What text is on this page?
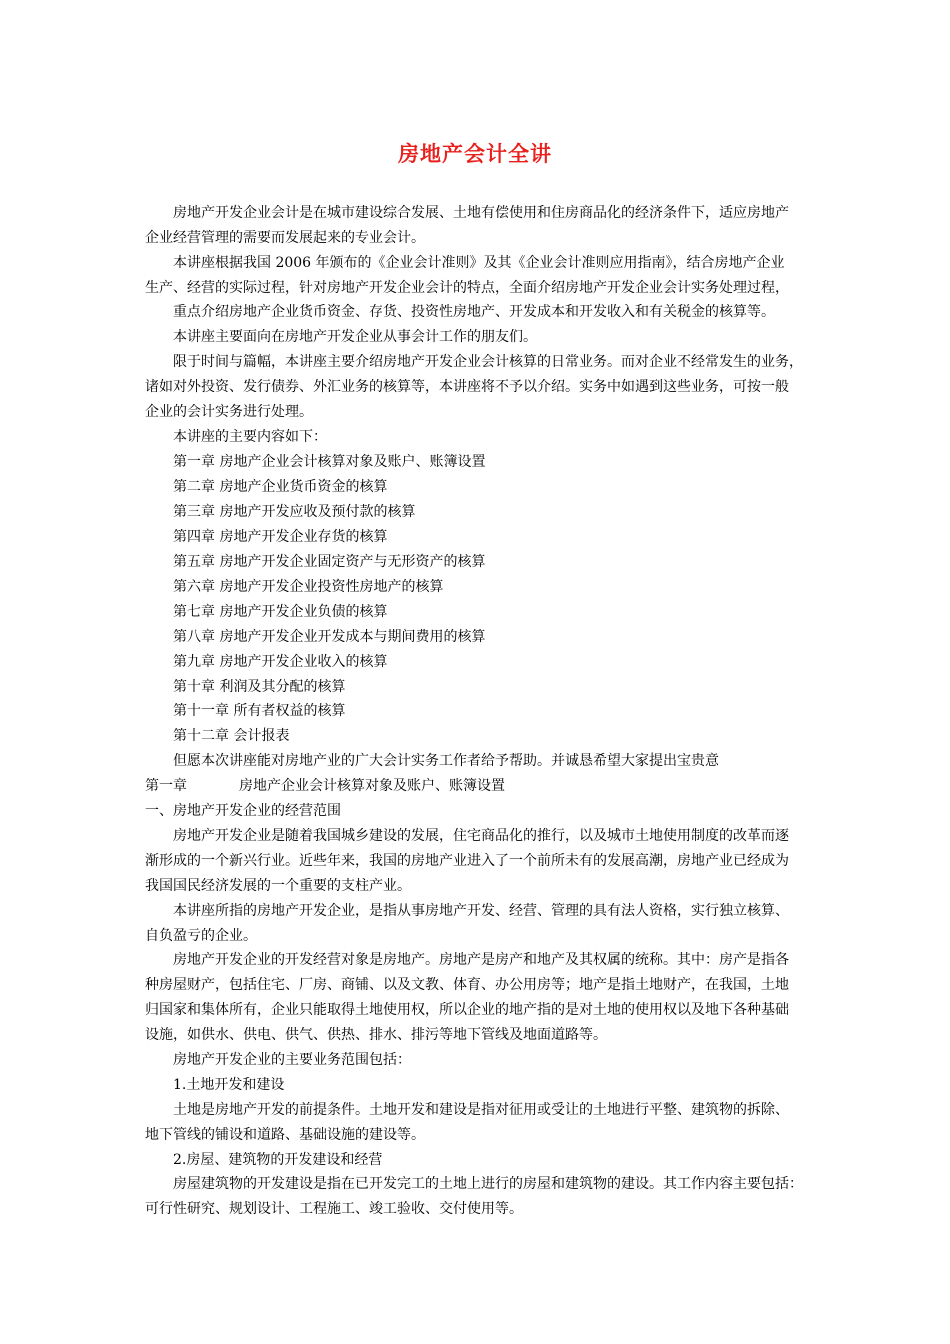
房地产会计全讲
房地产开发企业会计是在城市建设综合发展、土地有偿使用和住房商品化的经济条件下，适应房地产
企业经营管理的需要而发展起来的专业会计。
本讲座根据我国 2006 年颁布的《企业会计准则》及其《企业会计准则应用指南》，结合房地产企业
生产、经营的实际过程，针对房地产开发企业会计的特点，全面介绍房地产开发企业会计实务处理过程，
重点介绍房地产企业货币资金、存货、投资性房地产、开发成本和开发收入和有关税金的核算等。
本讲座主要面向在房地产开发企业从事会计工作的朋友们。
限于时间与篇幅，本讲座主要介绍房地产开发企业会计核算的日常业务。而对企业不经常发生的业务，
诸如对外投资、发行债券、外汇业务的核算等，本讲座将不予以介绍。实务中如遇到这些业务，可按一般
企业的会计实务进行处理。
本讲座的主要内容如下：
第一章 房地产企业会计核算对象及账户、账簿设置
第二章 房地产企业货币资金的核算
第三章 房地产开发应收及预付款的核算
第四章 房地产开发企业存货的核算
第五章 房地产开发企业固定资产与无形资产的核算
第六章 房地产开发企业投资性房地产的核算
第七章 房地产开发企业负债的核算
第八章 房地产开发企业开发成本与期间费用的核算
第九章 房地产开发企业收入的核算
第十章 利润及其分配的核算
第十一章 所有者权益的核算
第十二章 会计报表
但愿本次讲座能对房地产业的广大会计实务工作者给予帮助。并诚恳希望大家提出宝贵意
第一章	房地产企业会计核算对象及账户、账簿设置
一、房地产开发企业的经营范围
房地产开发企业是随着我国城乡建设的发展，住宅商品化的推行，以及城市土地使用制度的改革而逐
渐形成的一个新兴行业。近些年来，我国的房地产业进入了一个前所未有的发展高潮，房地产业已经成为
我国国民经济发展的一个重要的支柱产业。
本讲座所指的房地产开发企业，是指从事房地产开发、经营、管理的具有法人资格，实行独立核算、
自负盈亏的企业。
房地产开发企业的开发经营对象是房地产。房地产是房产和地产及其权属的统称。其中：房产是指各
种房屋财产，包括住宅、厂房、商铺、以及文教、体育、办公用房等；地产是指土地财产，在我国，土地
归国家和集体所有，企业只能取得土地使用权，所以企业的地产指的是对土地的使用权以及地下各种基础
设施，如供水、供电、供气、供热、排水、排污等地下管线及地面道路等。
房地产开发企业的主要业务范围包括：
1.土地开发和建设
土地是房地产开发的前提条件。土地开发和建设是指对征用或受让的土地进行平整、建筑物的拆除、
地下管线的铺设和道路、基础设施的建设等。
2.房屋、建筑物的开发建设和经营
房屋建筑物的开发建设是指在已开发完工的土地上进行的房屋和建筑物的建设。其工作内容主要包括：
可行性研究、规划设计、工程施工、竣工验收、交付使用等。
